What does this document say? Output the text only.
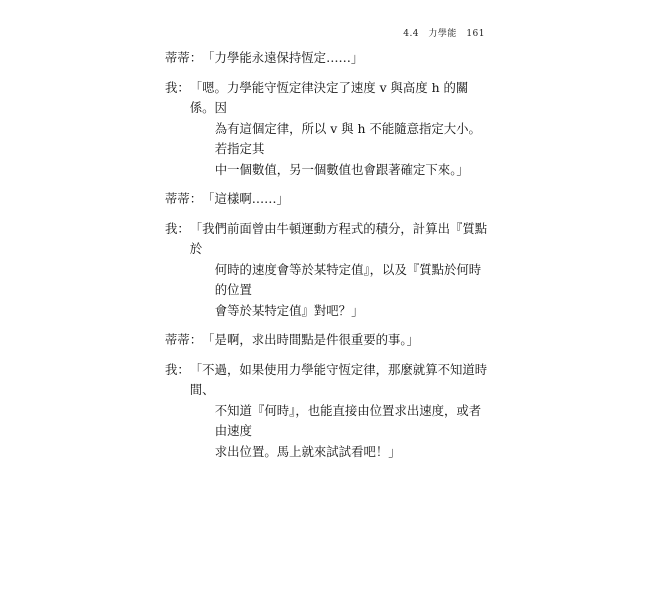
4.4 力學能 161
蒂蒂 ： 「力學能永遠保持恆定……」
我 ： 「嗯。力學能守恆定律決定了速度 v 與高度 h 的關係。因
為有這個定律，所以 v 與 h 不能隨意指定大小。若指定其
中一個數值，另一個數值也會跟著確定下來。」
蒂蒂 ： 「這樣啊……」
我 ： 「我們前面曾由牛頓運動方程式的積分，計算出『質點於
何時的速度會等於某特定值』，以及『質點於何時的位置
會等於某特定值』對吧？」
蒂蒂 ： 「是啊，求出時間點是件很重要的事。」
我 ： 「不過，如果使用力學能守恆定律，那麼就算不知道時間、
不知道『何時』，也能直接由位置求出速度，或者由速度
求出位置。馬上就來試試看吧！」
